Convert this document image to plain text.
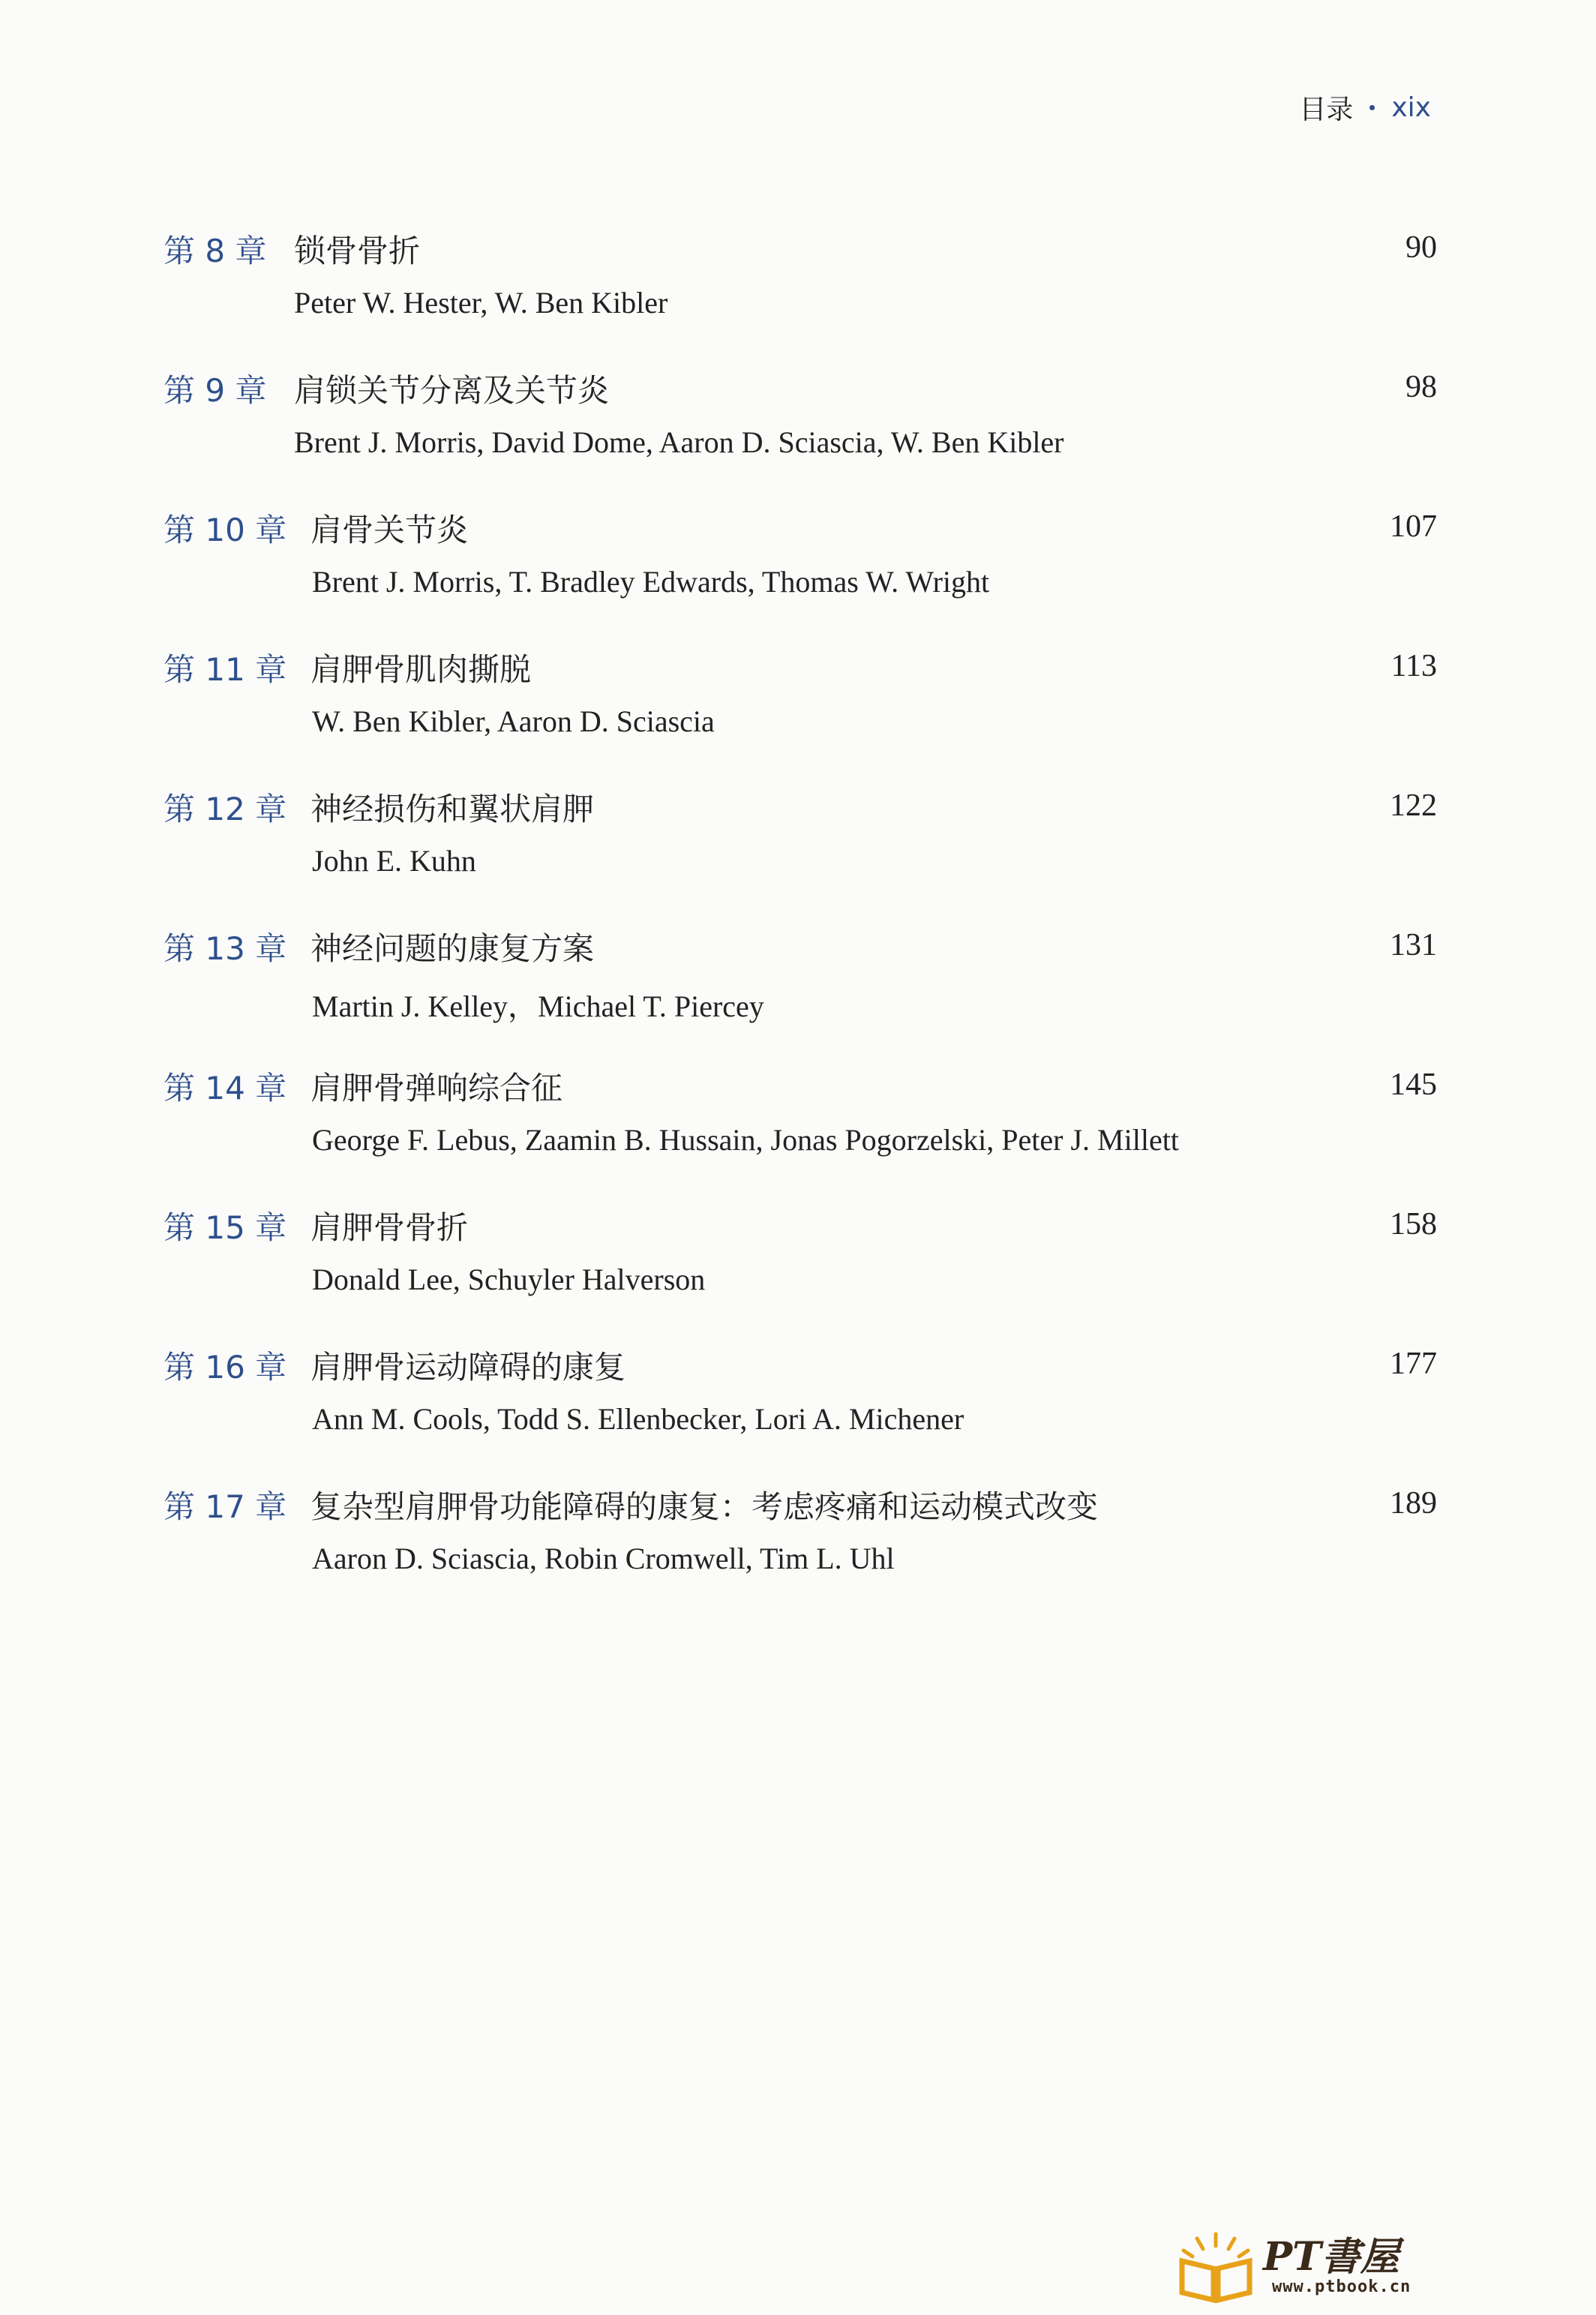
目录 xix
第 8 章 锁骨骨折	90
Peter W. Hester, W. Ben Kibler
第 9 章 肩锁关节分离及关节炎	98
Brent J. Morris, David Dome, Aaron D. Sciascia, W. Ben Kibler
第 10 章 肩骨关节炎	107
Brent J. Morris, T. Bradley Edwards, Thomas W. Wright
第 11 章 肩胛骨肌肉撕脱	113
W. Ben Kibler, Aaron D. Sciascia
第 12 章 神经损伤和翼状肩胛	122
John E. Kuhn
第 13 章 神经问题的康复方案	131
Martin J. Kelley，Michael T. Piercey
第 14 章 肩胛骨弹响综合征	145
George F. Lebus, Zaamin B. Hussain, Jonas Pogorzelski, Peter J. Millett
第 15 章 肩胛骨骨折	158
Donald Lee, Schuyler Halverson
第 16 章 肩胛骨运动障碍的康复	177
Ann M. Cools, Todd S. Ellenbecker, Lori A. Michener
第 17 章 复杂型肩胛骨功能障碍的康复：考虑疼痛和运动模式改变	189
Aaron D. Sciascia, Robin Cromwell, Tim L. Uhl
PT書屋
www.ptbook.cn
